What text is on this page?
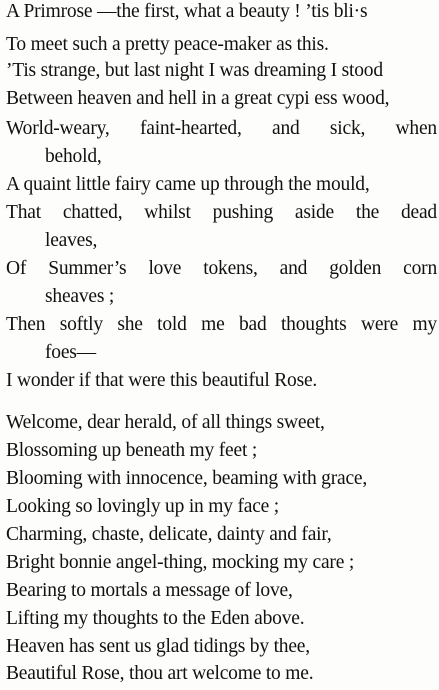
A Primrose —the first, what a beauty ! ’tis bli·s
To meet such a pretty peace-maker as this.
’Tis strange, but last night I was dreaming I stood
Between heaven and hell in a great cypi ess wood,
World-weary, faint-hearted, and sick, when
behold,
A quaint little fairy came up through the mould,
That chatted, whilst pushing aside the dead
leaves,
Of Summer’s love tokens, and golden corn
sheaves ;
Then softly she told me bad thoughts were my
foes—
I wonder if that were this beautiful Rose.
Welcome, dear herald, of all things sweet,
Blossoming up beneath my feet ;
Blooming with innocence, beaming with grace,
Looking so lovingly up in my face ;
Charming, chaste, delicate, dainty and fair,
Bright bonnie angel-thing, mocking my care ;
Bearing to mortals a message of love,
Lifting my thoughts to the Eden above.
Heaven has sent us glad tidings by thee,
Beautiful Rose, thou art welcome to me.
